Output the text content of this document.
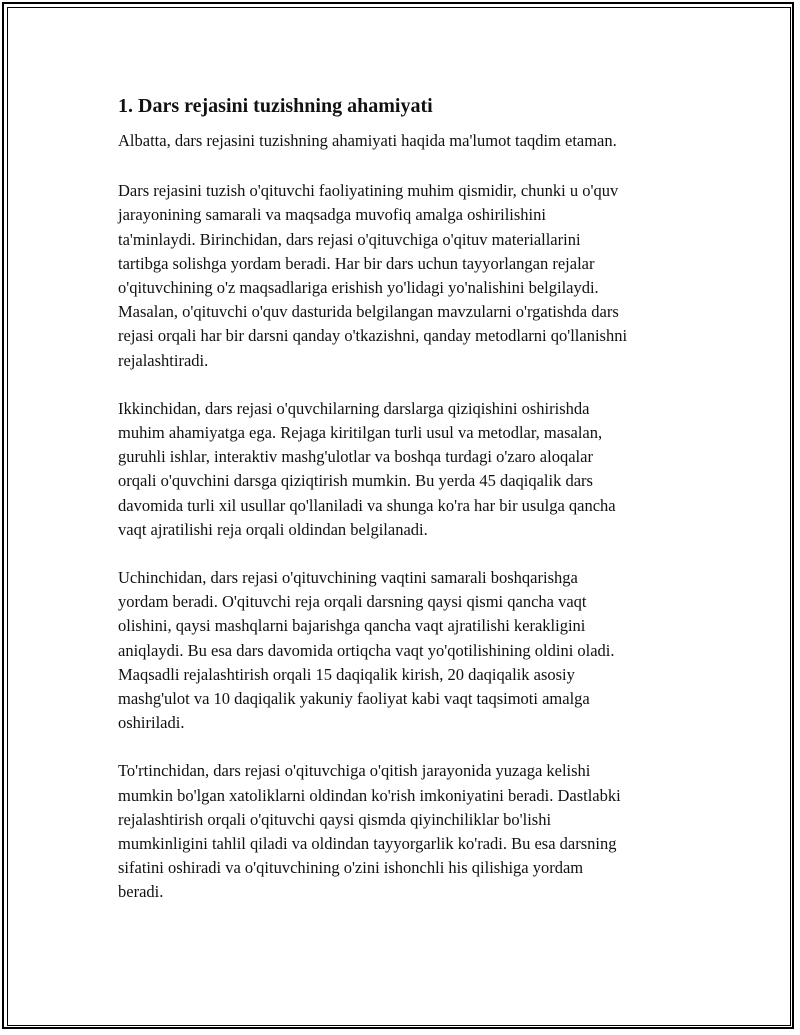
1. Dars rejasini tuzishning ahamiyati

Albatta, dars rejasini tuzishning ahamiyati haqida ma'lumot taqdim etaman.

Dars rejasini tuzish o'qituvchi faoliyatining muhim qismidir, chunki u o'quv
jarayonining samarali va maqsadga muvofiq amalga oshirilishini
ta'minlaydi. Birinchidan, dars rejasi o'qituvchiga o'qituv materiallarini
tartibga solishga yordam beradi. Har bir dars uchun tayyorlangan rejalar
o'qituvchining o'z maqsadlariga erishish yo'lidagi yo'nalishini belgilaydi.
Masalan, o'qituvchi o'quv dasturida belgilangan mavzularni o'rgatishda dars
rejasi orqali har bir darsni qanday o'tkazishni, qanday metodlarni qo'llanishni
rejalashtiradi.

Ikkinchidan, dars rejasi o'quvchilarning darslarga qiziqishini oshirishda
muhim ahamiyatga ega. Rejaga kiritilgan turli usul va metodlar, masalan,
guruhli ishlar, interaktiv mashg'ulotlar va boshqa turdagi o'zaro aloqalar
orqali o'quvchini darsga qiziqtirish mumkin. Bu yerda 45 daqiqalik dars
davomida turli xil usullar qo'llaniladi va shunga ko'ra har bir usulga qancha
vaqt ajratilishi reja orqali oldindan belgilanadi.

Uchinchidan, dars rejasi o'qituvchining vaqtini samarali boshqarishga
yordam beradi. O'qituvchi reja orqali darsning qaysi qismi qancha vaqt
olishini, qaysi mashqlarni bajarishga qancha vaqt ajratilishi kerakligini
aniqlaydi. Bu esa dars davomida ortiqcha vaqt yo'qotilishining oldini oladi.
Maqsadli rejalashtirish orqali 15 daqiqalik kirish, 20 daqiqalik asosiy
mashg'ulot va 10 daqiqalik yakuniy faoliyat kabi vaqt taqsimoti amalga
oshiriladi.

To'rtinchidan, dars rejasi o'qituvchiga o'qitish jarayonida yuzaga kelishi
mumkin bo'lgan xatoliklarni oldindan ko'rish imkoniyatini beradi. Dastlabki
rejalashtirish orqali o'qituvchi qaysi qismda qiyinchiliklar bo'lishi
mumkinligini tahlil qiladi va oldindan tayyorgarlik ko'radi. Bu esa darsning
sifatini oshiradi va o'qituvchining o'zini ishonchli his qilishiga yordam
beradi.
